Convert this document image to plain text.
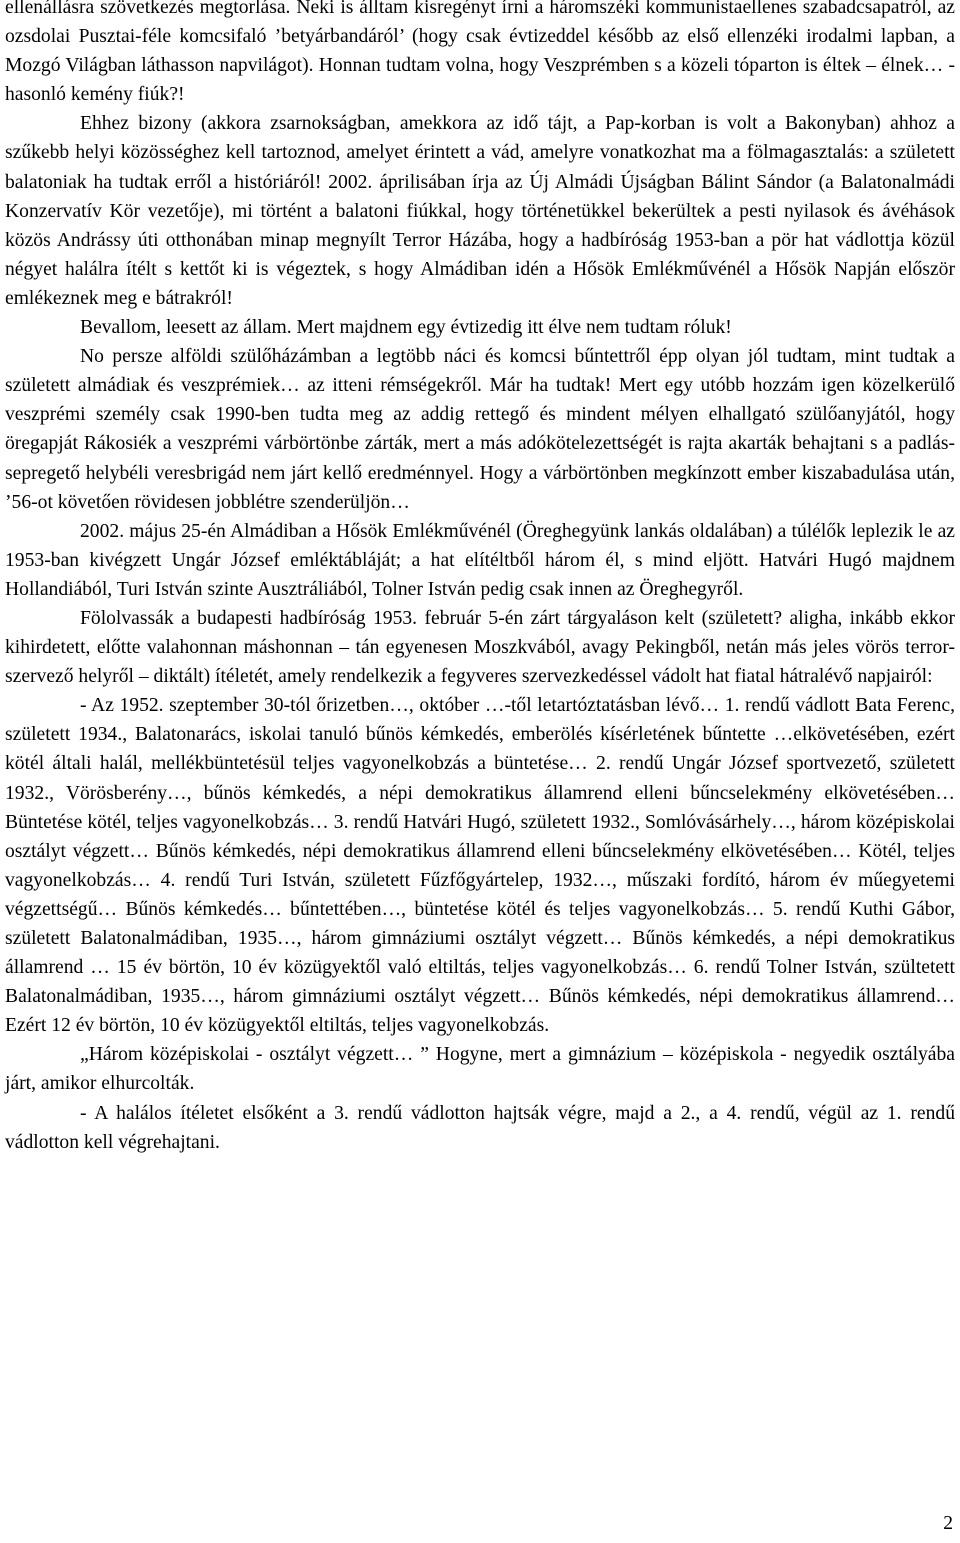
ellenállásra szövetkezés megtorlása. Neki is álltam kisregényt írni a háromszéki kommunistaellenes szabadcsapatról, az ozsdolai Pusztai-féle komcsifaló ’betyárbandáról’ (hogy csak évtizeddel később az első ellenzéki irodalmi lapban, a Mozgó Világban láthasson napvilágot). Honnan tudtam volna, hogy Veszprémben s a közeli tóparton is éltek – élnek… - hasonló kemény fiúk?!

Ehhez bizony (akkora zsarnokságban, amekkora az idő tájt, a Pap-korban is volt a Bakonyban) ahhoz a szűkebb helyi közösséghez kell tartoznod, amelyet érintett a vád, amelyre vonatkozhat ma a fölmagasztalás: a született balatoniak ha tudtak erről a históriáról! 2002. áprilisában írja az Új Almádi Újságban Bálint Sándor (a Balatonalmádi Konzervatív Kör vezetője), mi történt a balatoni fiúkkal, hogy történetükkel bekerültek a pesti nyilasok és ávéhások közös Andrássy úti otthonában minap megnyílt Terror Házába, hogy a hadbíróság 1953-ban a pör hat vádlottja közül négyet halálra ítélt s kettőt ki is végeztek, s hogy Almádiban idén a Hősök Emlékművénél a Hősök Napján először emlékeznek meg e bátrakról!

Bevallom, leesett az állam. Mert majdnem egy évtizedig itt élve nem tudtam róluk!

No persze alföldi szülőházámban a legtöbb náci és komcsi bűntettről épp olyan jól tudtam, mint tudtak a született almádiak és veszprémiek… az itteni rémségekről. Már ha tudtak! Mert egy utóbb hozzám igen közelkerülő veszprémi személy csak 1990-ben tudta meg az addig rettegő és mindent mélyen elhallgató szülőanyjától, hogy öregapját Rákosiék a veszprémi várbörtönbe zárták, mert a más adókötelezettségét is rajta akarták behajtani s a padlás-sepregető helybéli veresbrigád nem járt kellő eredménnyel. Hogy a várbörtönben megkínzott ember kiszabadulása után, ’56-ot követően rövidesen jobblétre szenderüljön…

2002. május 25-én Almádiban a Hősök Emlékművénél (Öreghegyünk lankás oldalában) a túlélők leplezik le az 1953-ban kivégzett Ungár József emléktábláját; a hat elítéltből három él, s mind eljött. Hatvári Hugó majdnem Hollandiából, Turi István szinte Ausztráliából, Tolner István pedig csak innen az Öreghegyről.

Fölolvassák a budapesti hadbíróság 1953. február 5-én zárt tárgyaláson kelt (született? aligha, inkább ekkor kihirdetett, előtte valahonnan máshonnan – tán egyenesen Moszkvából, avagy Pekingből, netán más jeles vörös terror-szervező helyről – diktált) ítéletét, amely rendelkezik a fegyveres szervezkedéssel vádolt hat fiatal hátralévő napjairól:

- Az 1952. szeptember 30-tól őrizetben…, október …-től letartóztatásban lévő… 1. rendű vádlott Bata Ferenc, született 1934., Balatonarács, iskolai tanuló bűnös kémkedés, emberölés kísérletének bűntette …elkövetésében, ezért kötél általi halál, mellékbüntetésül teljes vagyonelkobzás a büntetése… 2. rendű Ungár József sportvezető, született 1932., Vörösberény…, bűnös kémkedés, a népi demokratikus államrend elleni bűncselekmény elkövetésében…Büntetése kötél, teljes vagyonelkobzás… 3. rendű Hatvári Hugó, született 1932., Somlóvásárhely…, három középiskolai osztályt végzett… Bűnös kémkedés, népi demokratikus államrend elleni bűncselekmény elkövetésében… Kötél, teljes vagyonelkobzás… 4. rendű Turi István, született Fűzfőgyártelep, 1932…, műszaki fordító, három év műegyetemi végzettségű… Bűnös kémkedés… bűntettében…, büntetése kötél és teljes vagyonelkobzás… 5. rendű Kuthi Gábor, született Balatonalmádiban, 1935…, három gimnáziumi osztályt végzett… Bűnös kémkedés, a népi demokratikus államrend … 15 év börtön, 10 év közügyektől való eltiltás, teljes vagyonelkobzás… 6. rendű Tolner István, szültetett Balatonalmádiban, 1935…, három gimnáziumi osztályt végzett… Bűnös kémkedés, népi demokratikus államrend… Ezért 12 év börtön, 10 év közügyektől eltiltás, teljes vagyonelkobzás.

„Három középiskolai - osztályt végzett… ” Hogyne, mert a gimnázium – középiskola - negyedik osztályába járt, amikor elhurcolták.

- A halálos ítéletet elsőként a 3. rendű vádlotton hajtsák végre, majd a 2., a 4. rendű, végül az 1. rendű vádlotton kell végrehajtani.

2
